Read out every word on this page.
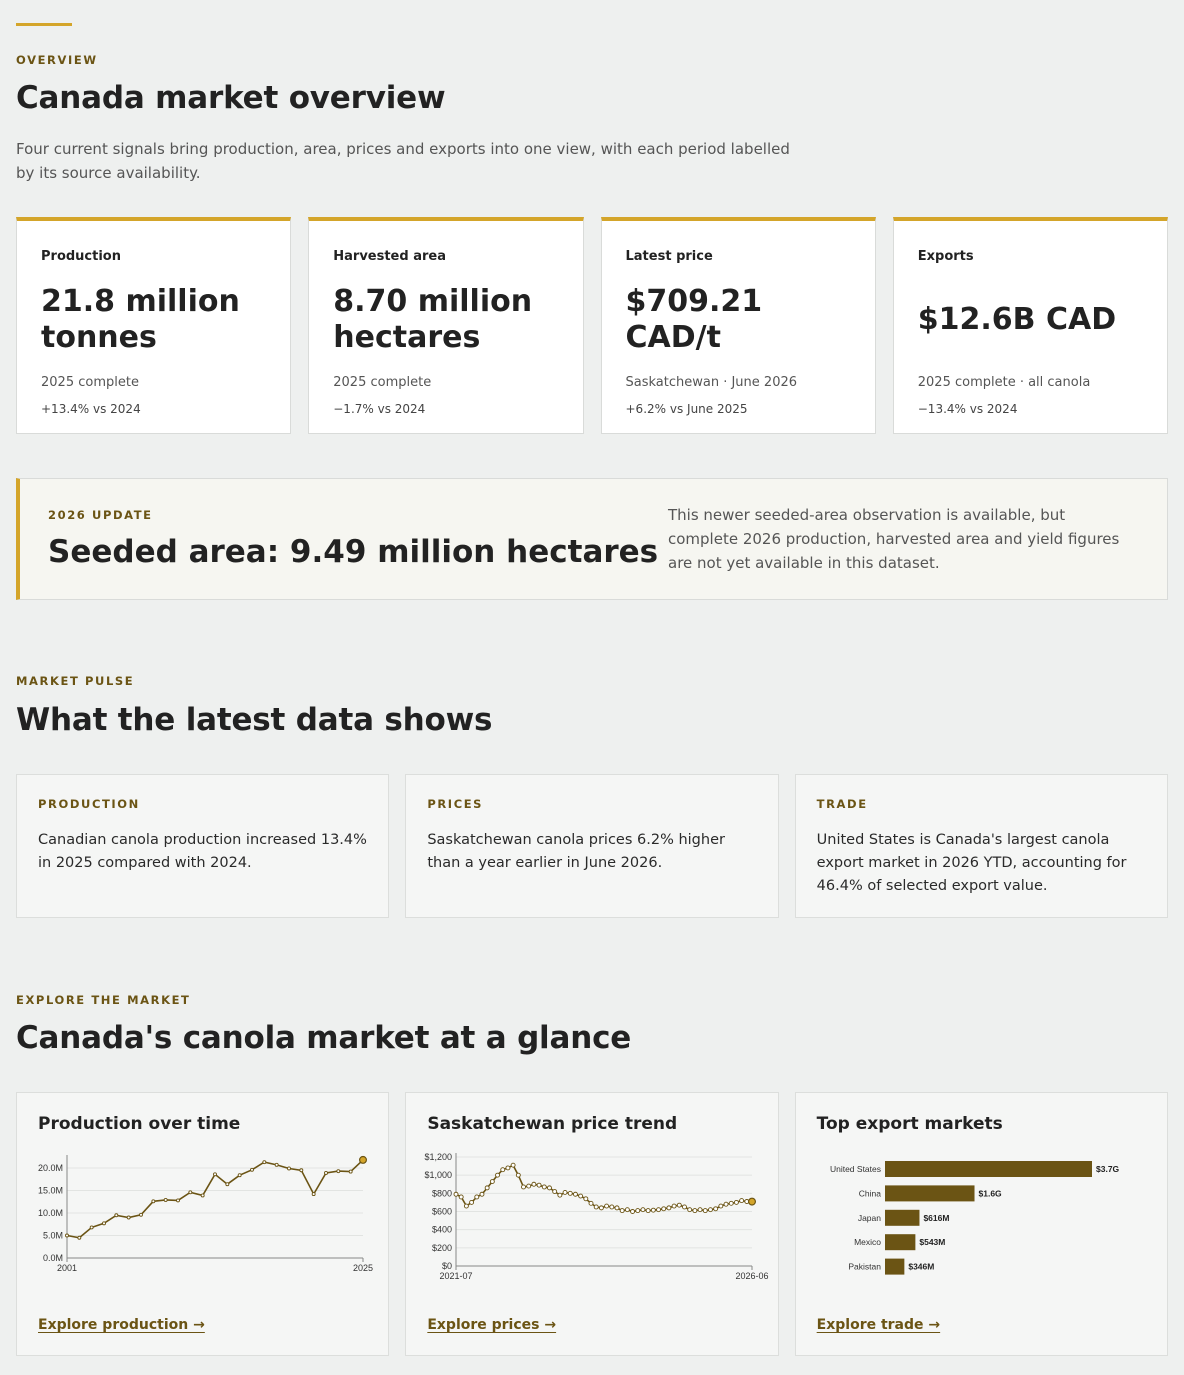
OVERVIEW
Canada market overview
Four current signals bring production, area, prices and exports into one view, with each period labelled by its source availability.
Production
21.8 million tonnes
2025 complete
+13.4% vs 2024
Harvested area
8.70 million hectares
2025 complete
−1.7% vs 2024
Latest price
$709.21 CAD/t
Saskatchewan · June 2026
+6.2% vs June 2025
Exports
$12.6B CAD
2025 complete · all canola
−13.4% vs 2024
2026 UPDATE
Seeded area: 9.49 million hectares
This newer seeded-area observation is available, but complete 2026 production, harvested area and yield figures are not yet available in this dataset.
MARKET PULSE
What the latest data shows
PRODUCTION
Canadian canola production increased 13.4% in 2025 compared with 2024.
PRICES
Saskatchewan canola prices 6.2% higher than a year earlier in June 2026.
TRADE
United States is Canada's largest canola export market in 2026 YTD, accounting for 46.4% of selected export value.
EXPLORE THE MARKET
Canada's canola market at a glance
Production over time
0.0M
5.0M
10.0M
15.0M
20.0M
2001	2025
Explore production →
Saskatchewan price trend
$0
$200
$400
$600
$800
$1,000
$1,200
2021-07	2026-06
Explore prices →
Top export markets
United States	$3.7G
China	$1.6G
Japan	$616M
Mexico	$543M
Pakistan	$346M
Explore trade →
